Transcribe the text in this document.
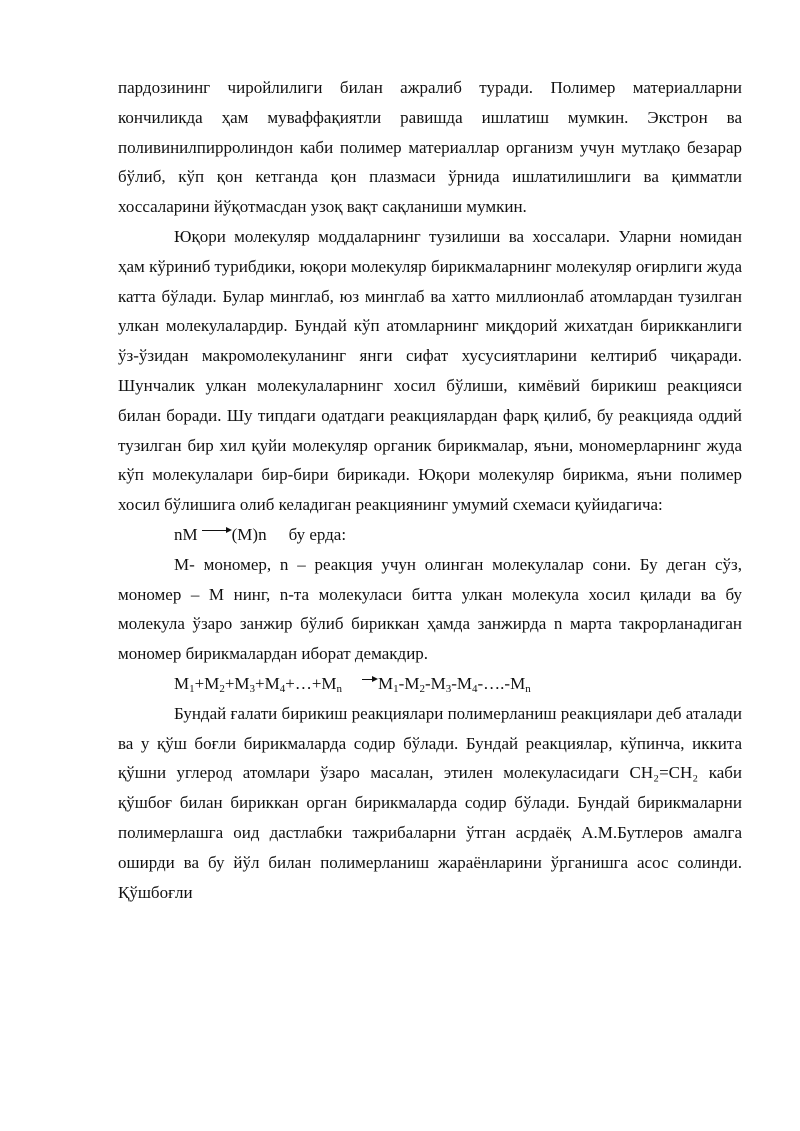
пардозининг чиройлилиги билан ажралиб туради. Полимер материалларни кончиликда ҳам муваффақиятли равишда ишлатиш мумкин. Экстрон ва поливинилпирролиндон каби полимер материаллар организм учун мутлақо безарар бўлиб, кўп қон кетганда қон плазмаси ўрнида ишлатилишлиги ва қимматли хоссаларини йўқотмасдан узоқ вақт сақланиши мумкин.

Юқори молекуляр моддаларнинг тузилиши ва хоссалари. Уларни номидан ҳам кўриниб турибдики, юқори молекуляр бирикмаларнинг молекуляр оғирлиги жуда катта бўлади. Булар минглаб, юз минглаб ва хатто миллионлаб атомлардан тузилган улкан молекулалардир. Бундай кўп атомларнинг миқдорий жихатдан бирикканлиги ўз-ўзидан макромолекуланинг янги сифат хусусиятларини келтириб чиқаради. Шунчалик улкан молекулаларнинг хосил бўлиши, кимёвий бирикиш реакцияси билан боради. Шу типдаги одатдаги реакциялардан фарқ қилиб, бу реакцияда оддий тузилган бир хил қуйи молекуляр органик бирикмалар, яъни, мономерларнинг жуда кўп молекулалари бир-бири бирикади. Юқори молекуляр бирикма, яъни полимер хосил бўлишига олиб келадиган реакциянинг умумий схемаси қуйидагича:

nM (M)n бу ерда:

M- мономер, n – реакция учун олинган молекулалар сони. Бу деган сўз, мономер – M нинг, n-та молекуласи битта улкан молекула хосил қилади ва бу молекула ўзаро занжир бўлиб бириккан ҳамда занжирда n марта такрорланадиган мономер бирикмалардан иборат демакдир.

$M_1+M_2+M_3+M_4+\dots+M_n$ $M_1-M_2-M_3-M_4-\dots.-M_n$

Бундай ғалати бирикиш реакциялари полимерланиш реакциялари деб аталади ва у қўш боғли бирикмаларда содир бўлади. Бундай реакциялар, кўпинча, иккита қўшни углерод атомлари ўзаро масалан, этилен молекуласидаги CH₂=CH₂ каби қўшбоғ билан бириккан орган бирикмаларда содир бўлади. Бундай бирикмаларни полимерлашга оид дастлабки тажрибаларни ўтган асрдаёқ А.М.Бутлеров амалга оширди ва бу йўл билан полимерланиш жараёнларини ўрганишга асос солинди. Қўшбоғли
